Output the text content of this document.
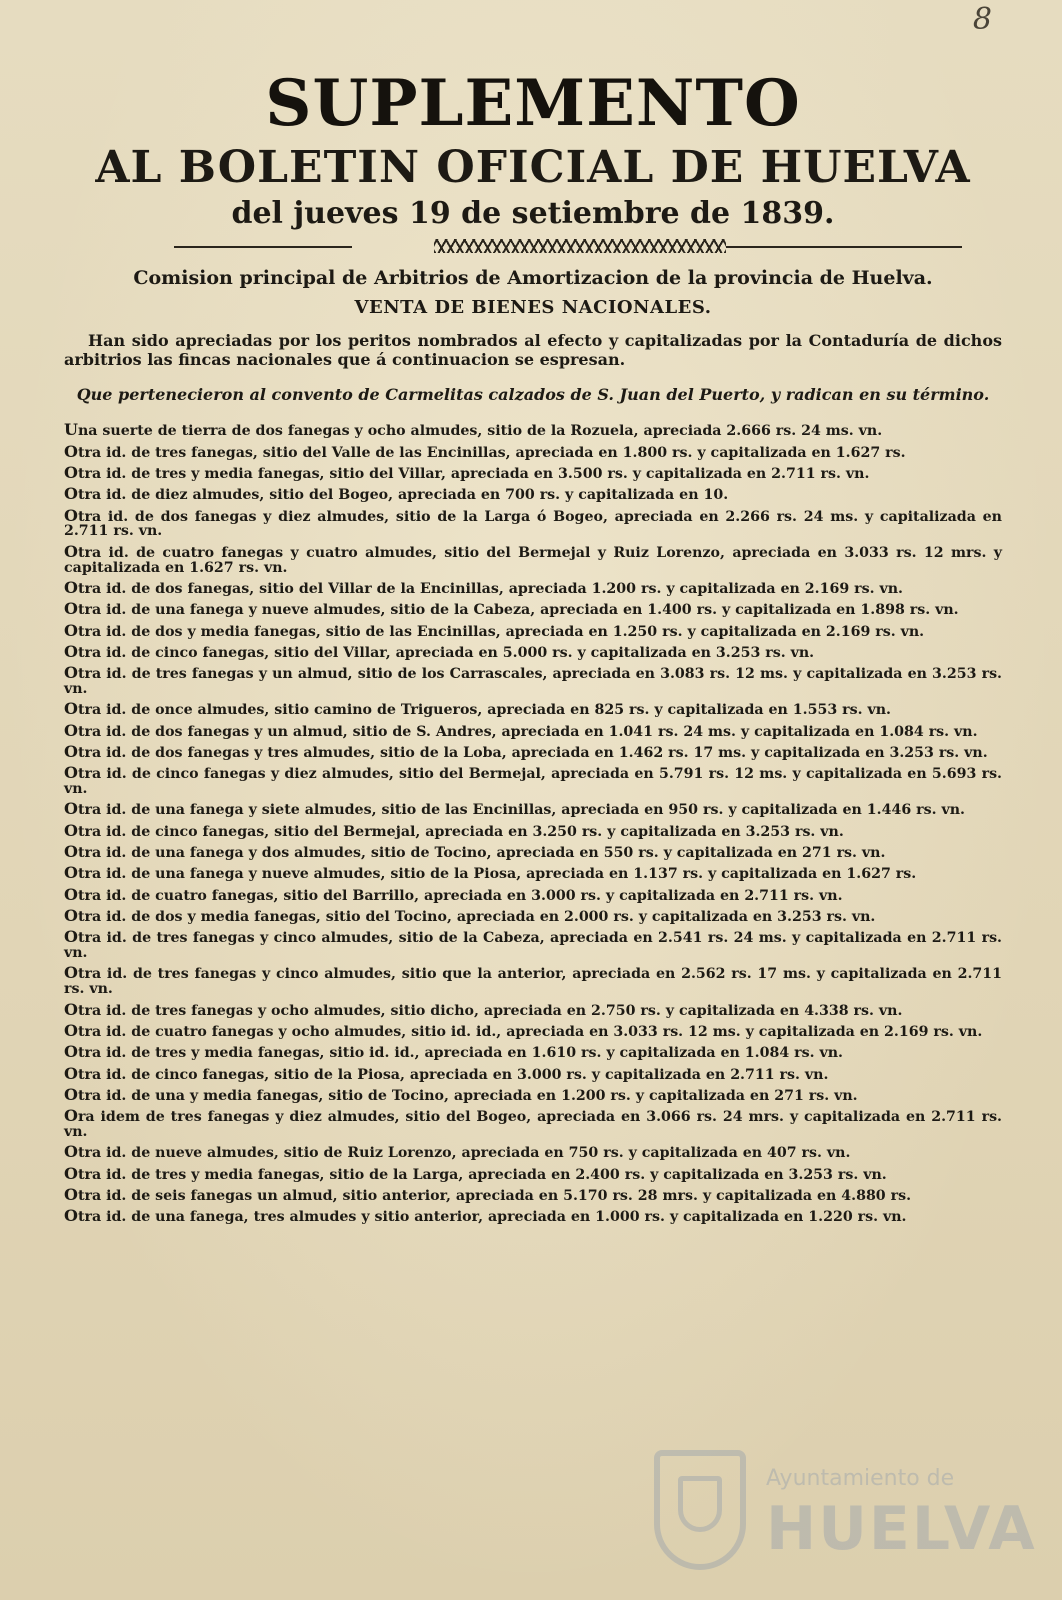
8
SUPLEMENTO
AL BOLETIN OFICIAL DE HUELVA
del jueves 19 de setiembre de 1839.
Comision principal de Arbitrios de Amortizacion de la provincia de Huelva.
VENTA DE BIENES NACIONALES.

Han sido apreciadas por los peritos nombrados al efecto y capitalizadas por la Contaduría de dichos arbitrios las fincas nacionales que á continuacion se espresan.

Que pertenecieron al convento de Carmelitas calzados de S. Juan del Puerto, y radican en su término.

Una suerte de tierra de dos fanegas y ocho almudes, sitio de la Rozuela, apreciada 2.666 rs. 24 ms. vn.

Otra id. de tres fanegas, sitio del Valle de las Encinillas, apreciada en 1.800 rs. y capitalizada en 1.627 rs.

Otra id. de tres y media fanegas, sitio del Villar, apreciada en 3.500 rs. y capitalizada en 2.711 rs. vn.

Otra id. de diez almudes, sitio del Bogeo, apreciada en 700 rs. y capitalizada en 10.

Otra id. de dos fanegas y diez almudes, sitio de la Larga ó Bogeo, apreciada en 2.266 rs. 24 ms. y capitalizada en 2.711 rs. vn.

Otra id. de cuatro fanegas y cuatro almudes, sitio del Bermejal y Ruiz Lorenzo, apreciada en 3.033 rs. 12 mrs. y capitalizada en 1.627 rs. vn.

Otra id. de dos fanegas, sitio del Villar de la Encinillas, apreciada 1.200 rs. y capitalizada en 2.169 rs. vn.

Otra id. de una fanega y nueve almudes, sitio de la Cabeza, apreciada en 1.400 rs. y capitalizada en 1.898 rs. vn.

Otra id. de dos y media fanegas, sitio de las Encinillas, apreciada en 1.250 rs. y capitalizada en 2.169 rs. vn.

Otra id. de cinco fanegas, sitio del Villar, apreciada en 5.000 rs. y capitalizada en 3.253 rs. vn.

Otra id. de tres fanegas y un almud, sitio de los Carrascales, apreciada en 3.083 rs. 12 ms. y capitalizada en 3.253 rs. vn.

Otra id. de once almudes, sitio camino de Trigueros, apreciada en 825 rs. y capitalizada en 1.553 rs. vn.

Otra id. de dos fanegas y un almud, sitio de S. Andres, apreciada en 1.041 rs. 24 ms. y capitalizada en 1.084 rs. vn.

Otra id. de dos fanegas y tres almudes, sitio de la Loba, apreciada en 1.462 rs. 17 ms. y capitalizada en 3.253 rs. vn.

Otra id. de cinco fanegas y diez almudes, sitio del Bermejal, apreciada en 5.791 rs. 12 ms. y capitalizada en 5.693 rs. vn.

Otra id. de una fanega y siete almudes, sitio de las Encinillas, apreciada en 950 rs. y capitalizada en 1.446 rs. vn.

Otra id. de cinco fanegas, sitio del Bermejal, apreciada en 3.250 rs. y capitalizada en 3.253 rs. vn.

Otra id. de una fanega y dos almudes, sitio de Tocino, apreciada en 550 rs. y capitalizada en 271 rs. vn.

Otra id. de una fanega y nueve almudes, sitio de la Piosa, apreciada en 1.137 rs. y capitalizada en 1.627 rs.

Otra id. de cuatro fanegas, sitio del Barrillo, apreciada en 3.000 rs. y capitalizada en 2.711 rs. vn.

Otra id. de dos y media fanegas, sitio del Tocino, apreciada en 2.000 rs. y capitalizada en 3.253 rs. vn.

Otra id. de tres fanegas y cinco almudes, sitio de la Cabeza, apreciada en 2.541 rs. 24 ms. y capitalizada en 2.711 rs. vn.

Otra id. de tres fanegas y cinco almudes, sitio que la anterior, apreciada en 2.562 rs. 17 ms. y capitalizada en 2.711 rs. vn.

Otra id. de tres fanegas y ocho almudes, sitio dicho, apreciada en 2.750 rs. y capitalizada en 4.338 rs. vn.

Otra id. de cuatro fanegas y ocho almudes, sitio id. id., apreciada en 3.033 rs. 12 ms. y capitalizada en 2.169 rs. vn.

Otra id. de tres y media fanegas, sitio id. id., apreciada en 1.610 rs. y capitalizada en 1.084 rs. vn.

Otra id. de cinco fanegas, sitio de la Piosa, apreciada en 3.000 rs. y capitalizada en 2.711 rs. vn.

Otra id. de una y media fanegas, sitio de Tocino, apreciada en 1.200 rs. y capitalizada en 271 rs. vn.

Ora idem de tres fanegas y diez almudes, sitio del Bogeo, apreciada en 3.066 rs. 24 mrs. y capitalizada en 2.711 rs. vn.

Otra id. de nueve almudes, sitio de Ruiz Lorenzo, apreciada en 750 rs. y capitalizada en 407 rs. vn.

Otra id. de tres y media fanegas, sitio de la Larga, apreciada en 2.400 rs. y capitalizada en 3.253 rs. vn.

Otra id. de seis fanegas un almud, sitio anterior, apreciada en 5.170 rs. 28 mrs. y capitalizada en 4.880 rs.

Otra id. de una fanega, tres almudes y sitio anterior, apreciada en 1.000 rs. y capitalizada en 1.220 rs. vn.

Ayuntamiento de
HUELVA
